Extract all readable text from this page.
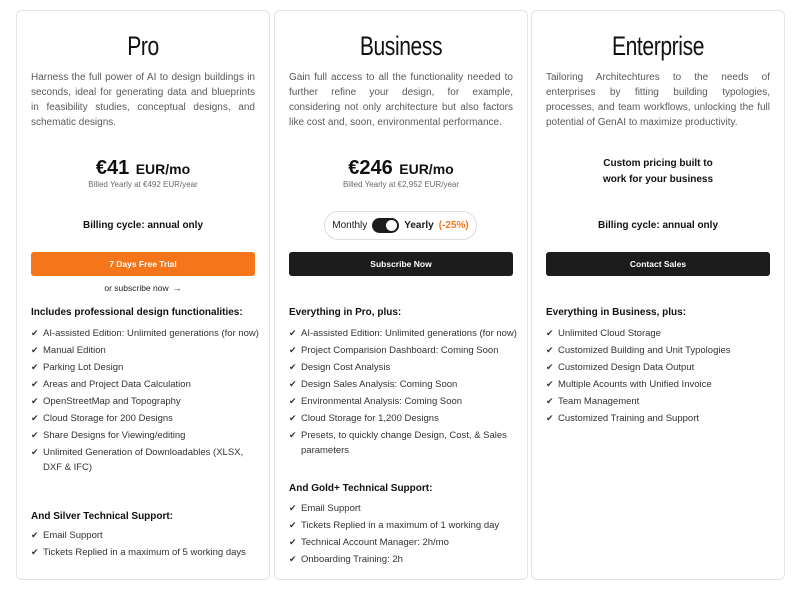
Pro
Harness the full power of AI to design buildings in seconds, ideal for generating data and blueprints in feasibility studies, conceptual designs, and schematic designs.
€41 EUR/mo
Billed Yearly at €492 EUR/year
Billing cycle: annual only
7 Days Free Trial
or subscribe now →
Includes professional design functionalities:
✔ AI-assisted Edition: Unlimited generations (for now)
✔ Manual Edition
✔ Parking Lot Design
✔ Areas and Project Data Calculation
✔ OpenStreetMap and Topography
✔ Cloud Storage for 200 Designs
✔ Share Designs for Viewing/editing
✔ Unlimited Generation of Downloadables (XLSX, DXF & IFC)
And Silver Technical Support:
✔ Email Support
✔ Tickets Replied in a maximum of 5 working days
Business
Gain full access to all the functionality needed to further refine your design, for example, considering not only architecture but also factors like cost and, soon, environmental performance.
€246 EUR/mo
Billed Yearly at €2,952 EUR/year
Monthly	Yearly (-25%)
Subscribe Now
Everything in Pro, plus:
✔ AI-assisted Edition: Unlimited generations (for now)
✔ Project Comparision Dashboard: Coming Soon
✔ Design Cost Analysis
✔ Design Sales Analysis: Coming Soon
✔ Environmental Analysis: Coming Soon
✔ Cloud Storage for 1,200 Designs
✔ Presets, to quickly change Design, Cost, & Sales parameters
And Gold+ Technical Support:
✔ Email Support
✔ Tickets Replied in a maximum of 1 working day
✔ Technical Account Manager: 2h/mo
✔ Onboarding Training: 2h
Enterprise
Tailoring Architechtures to the needs of enterprises by fitting building typologies, processes, and team workflows, unlocking the full potential of GenAI to maximize productivity.
Custom pricing built to
work for your business
Billing cycle: annual only
Contact Sales
Everything in Business, plus:
✔ Unlimited Cloud Storage
✔ Customized Building and Unit Typologies
✔ Customized Design Data Output
✔ Multiple Acounts with Unified Invoice
✔ Team Management
✔ Customized Training and Support
